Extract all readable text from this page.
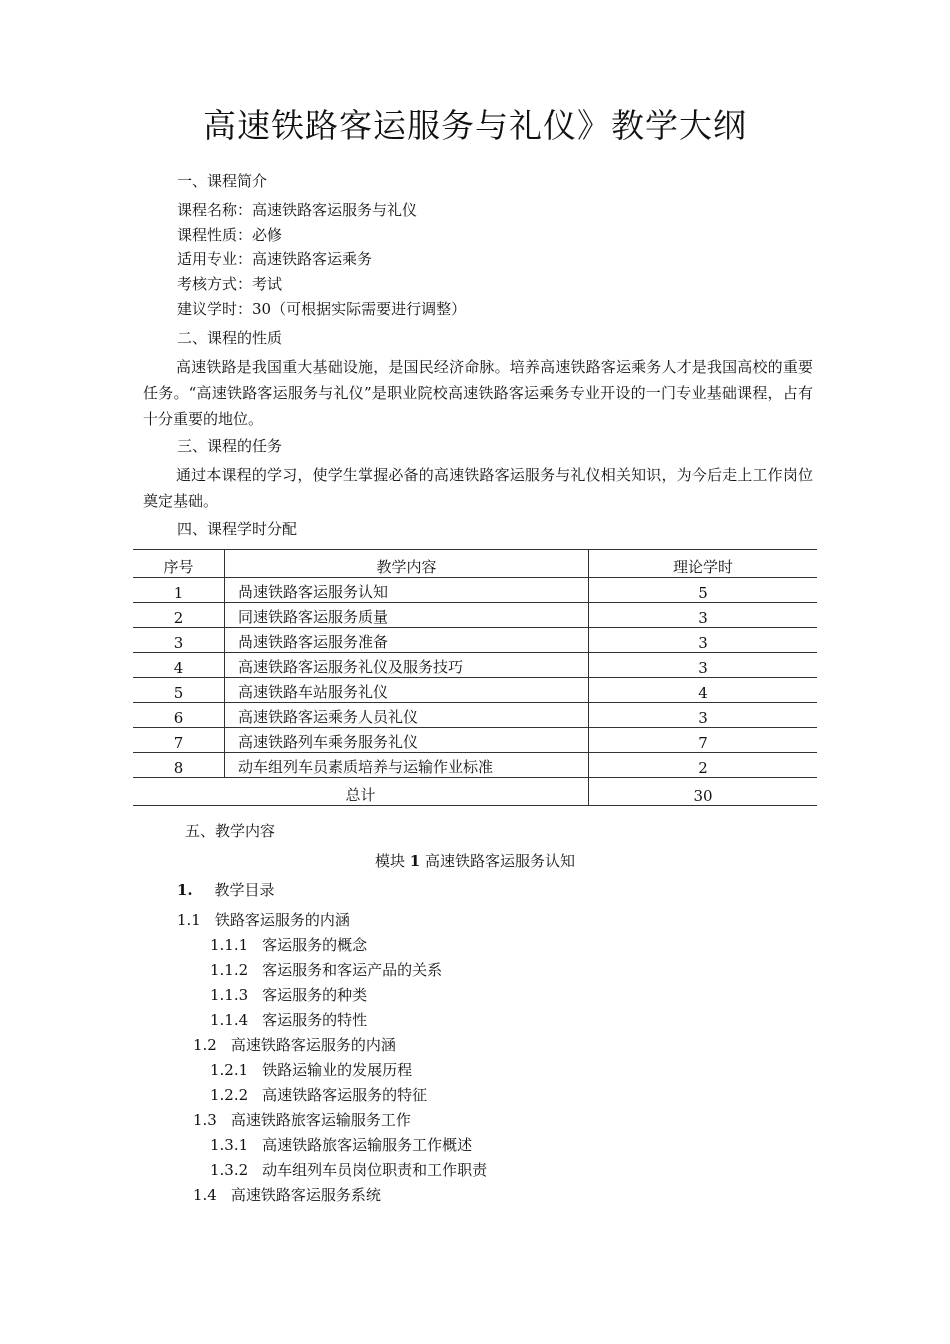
高速铁路客运服务与礼仪》教学大纲
一、课程简介
课程名称：高速铁路客运服务与礼仪
课程性质：必修
适用专业：高速铁路客运乘务
考核方式：考试
建议学时：30（可根据实际需要进行调整）
二、课程的性质
高速铁路是我国重大基础设施，是国民经济命脉。培养高速铁路客运乘务人才是我国高校的重要任务。“高速铁路客运服务与礼仪”是职业院校高速铁路客运乘务专业开设的一门专业基础课程，占有十分重要的地位。
三、课程的任务
通过本课程的学习，使学生掌握必备的高速铁路客运服务与礼仪相关知识，为今后走上工作岗位奠定基础。
四、课程学时分配
序号	教学内容	理论学时
1	咼速铁路客运服务认知	5
2	同速铁路客运服务质量	3
3	咼速铁路客运服务准备	3
4	高速铁路客运服务礼仪及服务技巧	3
5	高速铁路车站服务礼仪	4
6	高速铁路客运乘务人员礼仪	3
7	高速铁路列车乘务服务礼仪	7
8	动车组列车员素质培养与运输作业标准	2
总计		30
五、教学内容
模块 1 高速铁路客运服务认知
1. 教学目录
1.1 铁路客运服务的内涵
1.1.1 客运服务的概念
1.1.2 客运服务和客运产品的关系
1.1.3 客运服务的种类
1.1.4 客运服务的特性
1.2 高速铁路客运服务的内涵
1.2.1 铁路运输业的发展历程
1.2.2 高速铁路客运服务的特征
1.3 高速铁路旅客运输服务工作
1.3.1 高速铁路旅客运输服务工作概述
1.3.2 动车组列车员岗位职责和工作职责
1.4 高速铁路客运服务系统
